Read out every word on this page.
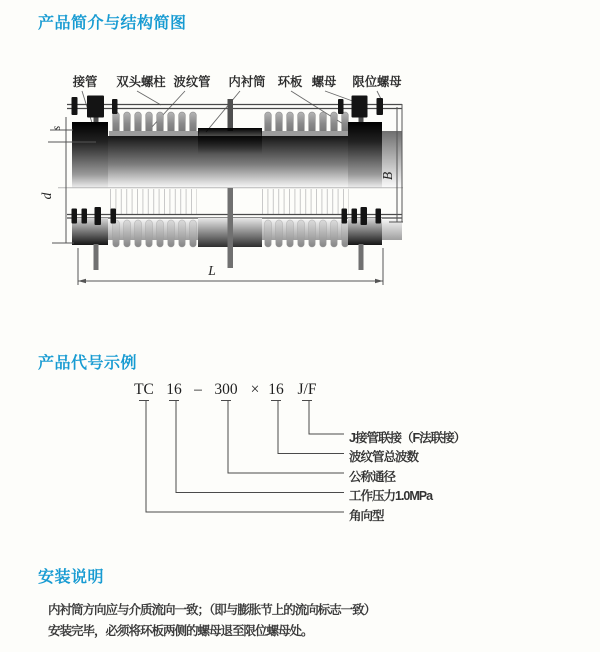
产品简介与结构简图
接管 双头螺柱 波纹管 内衬筒 环板 螺母 限位螺母
s
d
B
L
产品代号示例
TC 16 – 300 × 16 J/F

J接管联接（F法联接）

波纹管总波数

公称通径

工作压力1.0MPa

角向型

安装说明

内衬筒方向应与介质流向一致；（即与膨胀节上的流向标志一致）

安装完毕，必须将环板两侧的螺母退至限位螺母处。
